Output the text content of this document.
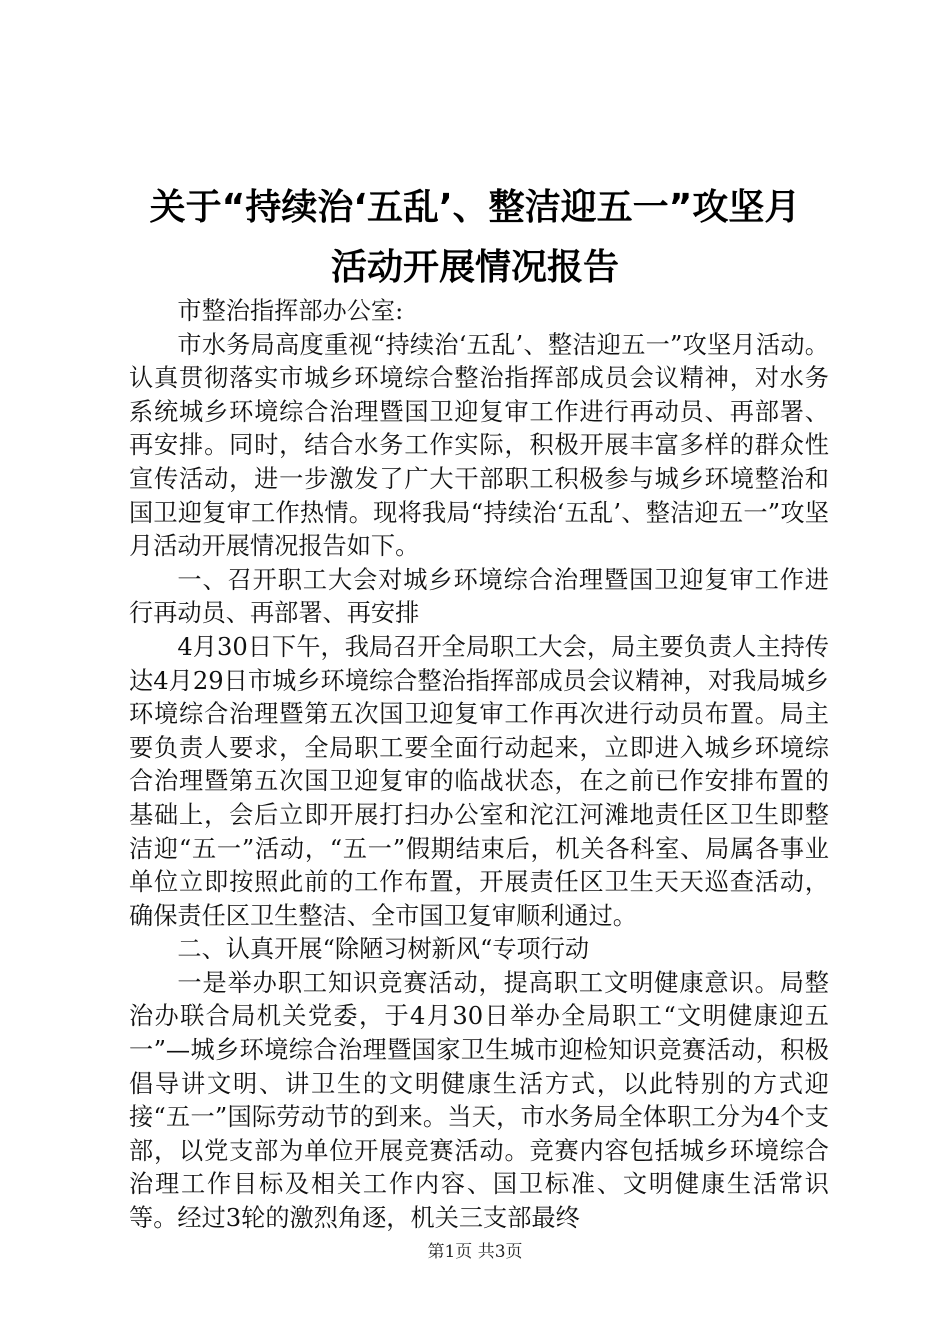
关于“持续治‘五乱’、整洁迎五一”攻坚月
活动开展情况报告

市整治指挥部办公室:

市水务局高度重视“持续治‘五乱’、整洁迎五一”攻坚月活动。认真贯彻落实市城乡环境综合整治指挥部成员会议精神，对水务系统城乡环境综合治理暨国卫迎复审工作进行再动员、再部署、再安排。同时，结合水务工作实际，积极开展丰富多样的群众性宣传活动，进一步激发了广大干部职工积极参与城乡环境整治和国卫迎复审工作热情。现将我局“持续治‘五乱’、整洁迎五一”攻坚月活动开展情况报告如下。

一、召开职工大会对城乡环境综合治理暨国卫迎复审工作进行再动员、再部署、再安排

4月30日下午，我局召开全局职工大会，局主要负责人主持传达4月29日市城乡环境综合整治指挥部成员会议精神，对我局城乡环境综合治理暨第五次国卫迎复审工作再次进行动员布置。局主要负责人要求，全局职工要全面行动起来，立即进入城乡环境综合治理暨第五次国卫迎复审的临战状态，在之前已作安排布置的基础上，会后立即开展打扫办公室和沱江河滩地责任区卫生即整洁迎“五一”活动，“五一”假期结束后，机关各科室、局属各事业单位立即按照此前的工作布置，开展责任区卫生天天巡查活动，确保责任区卫生整洁、全市国卫复审顺利通过。

二、认真开展“除陋习树新风“专项行动

一是举办职工知识竞赛活动，提高职工文明健康意识。局整治办联合局机关党委，于4月30日举办全局职工“文明健康迎五一”—城乡环境综合治理暨国家卫生城市迎检知识竞赛活动，积极倡导讲文明、讲卫生的文明健康生活方式，以此特别的方式迎接“五一”国际劳动节的到来。当天，市水务局全体职工分为4个支部，以党支部为单位开展竞赛活动。竞赛内容包括城乡环境综合治理工作目标及相关工作内容、国卫标准、文明健康生活常识等。经过3轮的激烈角逐，机关三支部最终

第1页 共3页
